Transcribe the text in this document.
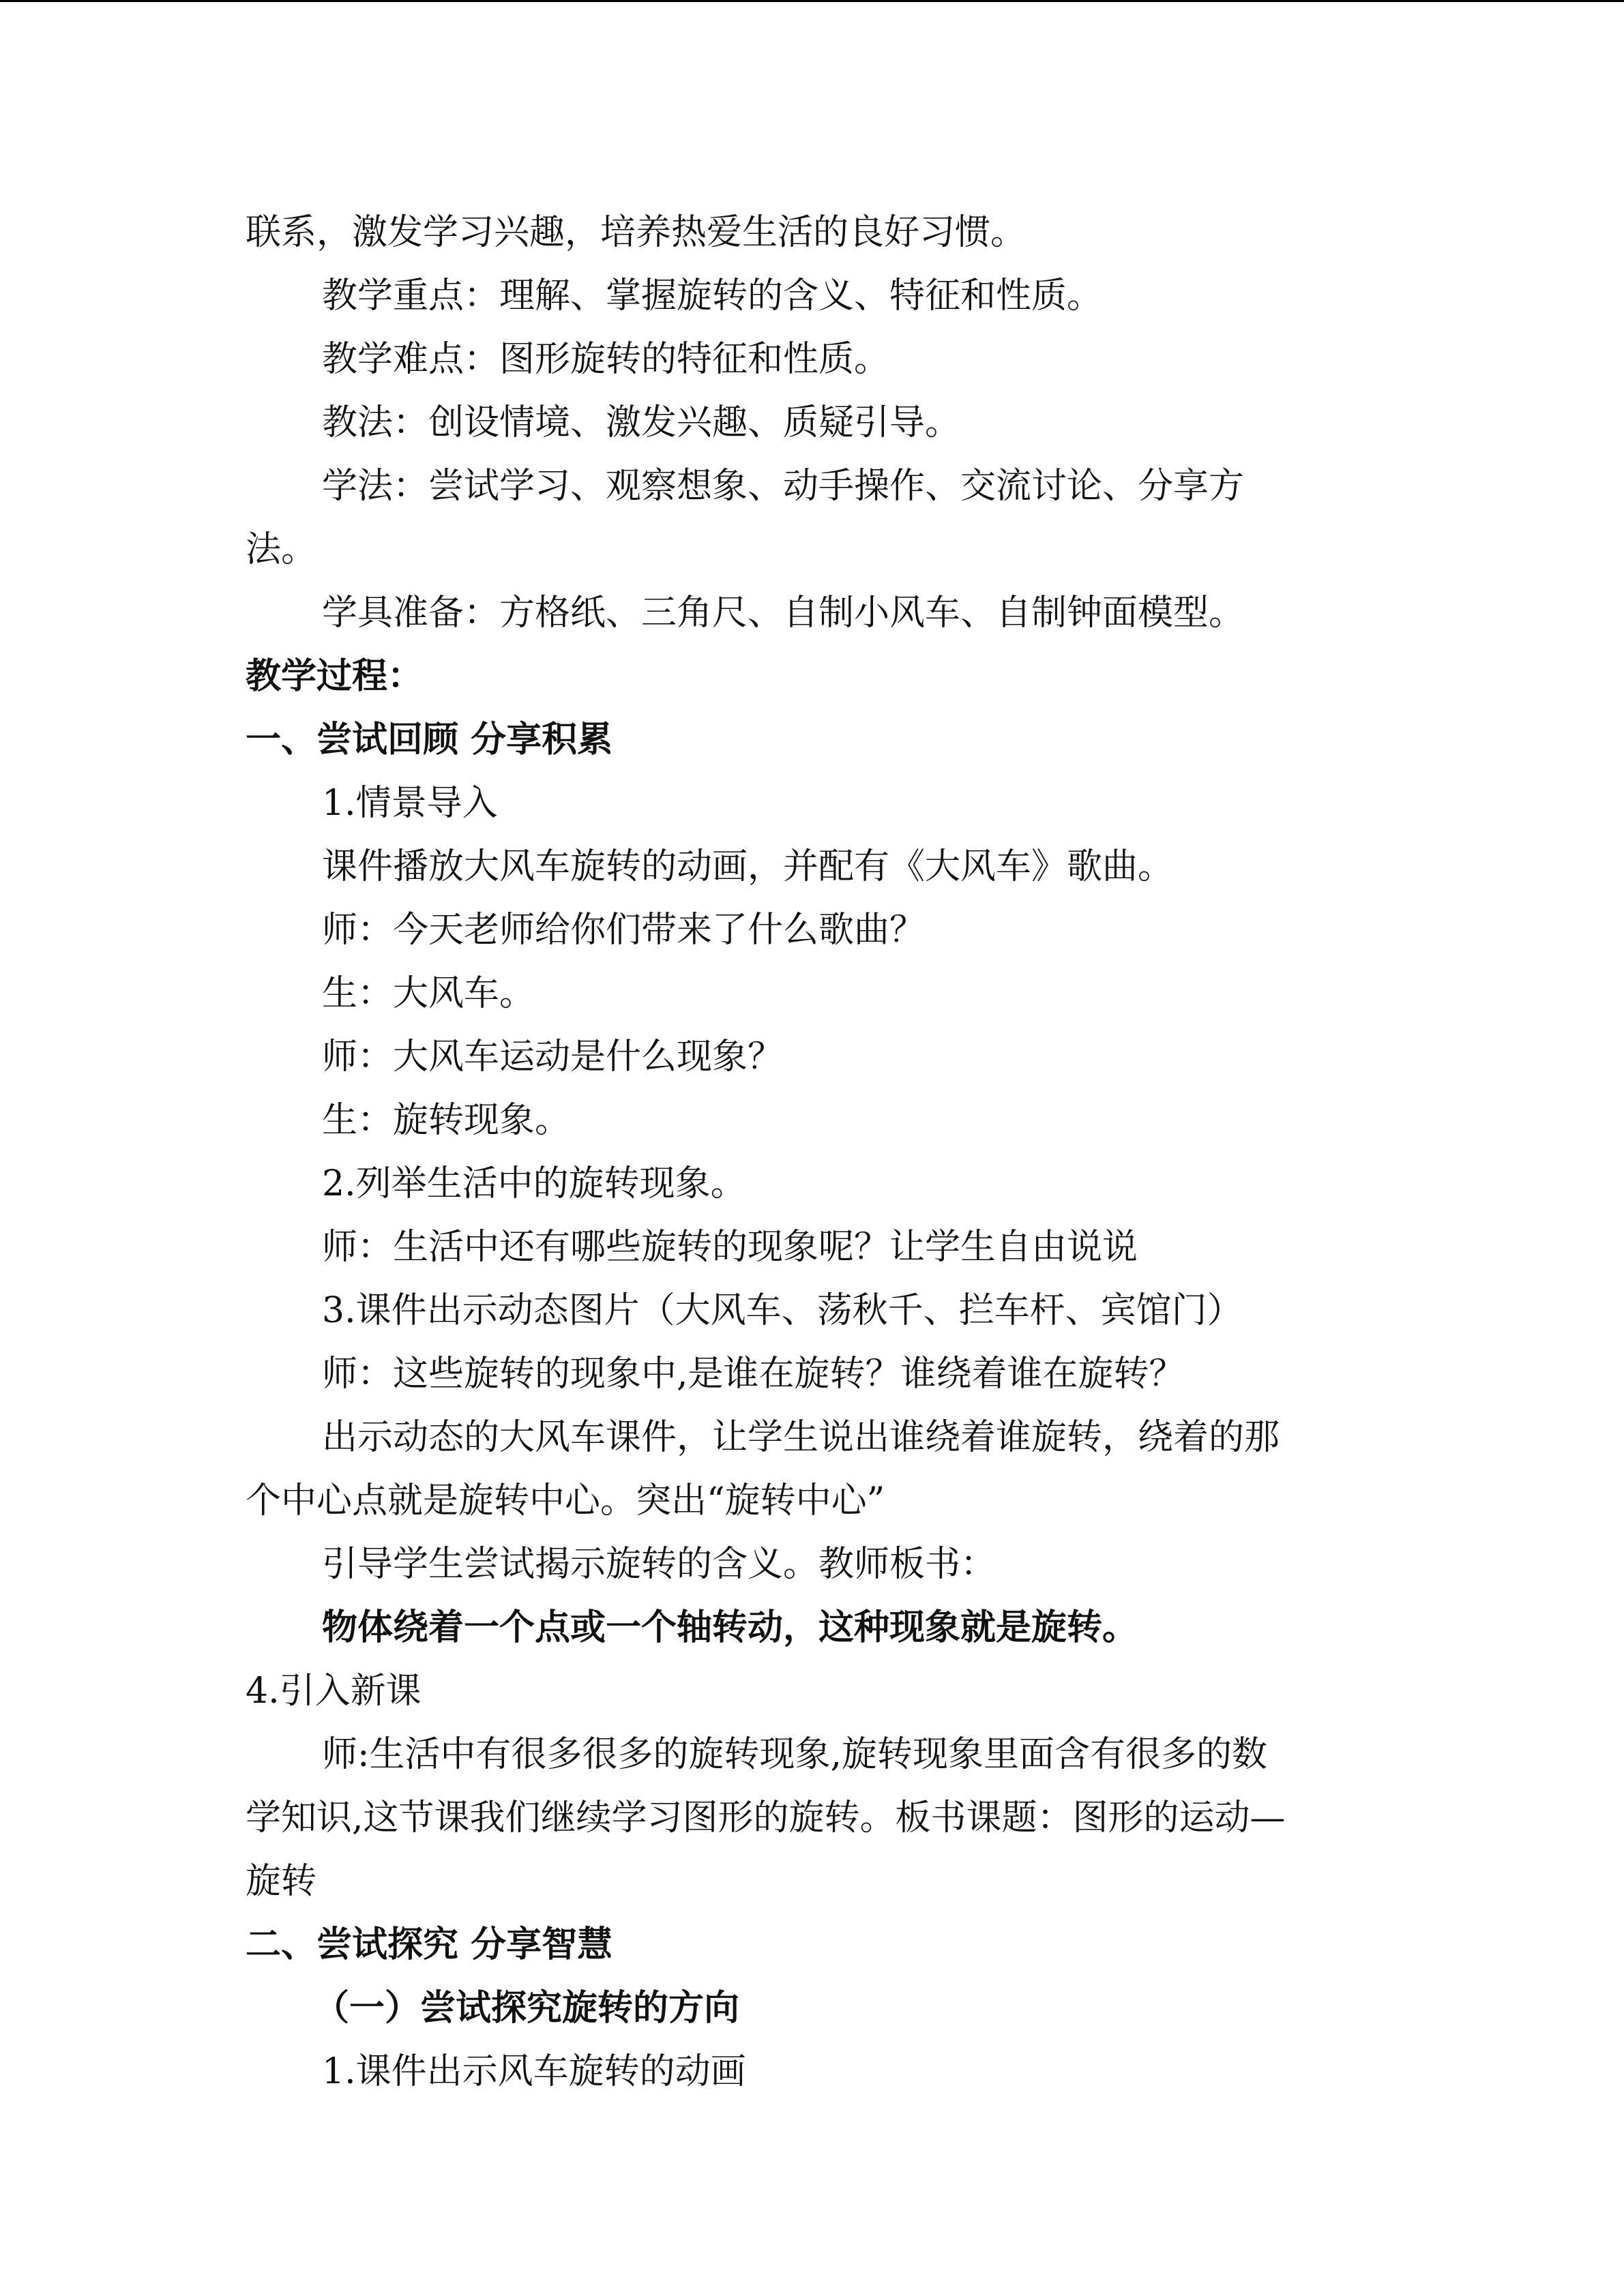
联系，激发学习兴趣，培养热爱生活的良好习惯。
教学重点：理解、掌握旋转的含义、特征和性质。
教学难点：图形旋转的特征和性质。
教法：创设情境、激发兴趣、质疑引导。
学法：尝试学习、观察想象、动手操作、交流讨论、分享方
法。
学具准备：方格纸、三角尺、自制小风车、自制钟面模型。
教学过程：
一、尝试回顾 分享积累
1.情景导入
课件播放大风车旋转的动画，并配有《大风车》歌曲。
师：今天老师给你们带来了什么歌曲？
生：大风车。
师：大风车运动是什么现象？
生：旋转现象。
2.列举生活中的旋转现象。
师：生活中还有哪些旋转的现象呢？让学生自由说说
3.课件出示动态图片（大风车、荡秋千、拦车杆、宾馆门）
师：这些旋转的现象中,是谁在旋转？谁绕着谁在旋转？
出示动态的大风车课件，让学生说出谁绕着谁旋转，绕着的那
个中心点就是旋转中心。突出“旋转中心”
引导学生尝试揭示旋转的含义。教师板书：
物体绕着一个点或一个轴转动，这种现象就是旋转。
4.引入新课
师:生活中有很多很多的旋转现象,旋转现象里面含有很多的数
学知识,这节课我们继续学习图形的旋转。板书课题：图形的运动—
旋转
二、尝试探究 分享智慧
（一）尝试探究旋转的方向
1.课件出示风车旋转的动画
